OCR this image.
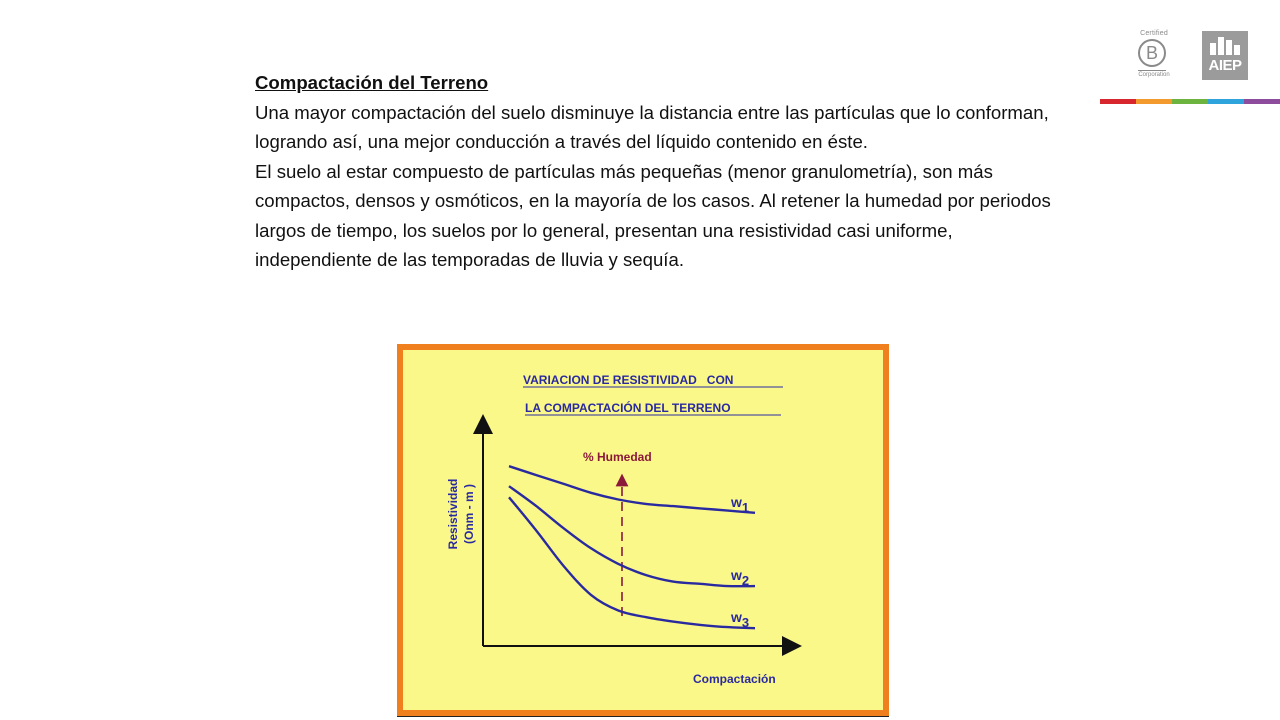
Certified
B
Corporation
AIEP

Compactación del Terreno

Una mayor compactación del suelo disminuye la distancia entre las partículas que lo conforman, logrando así, una mejor conducción a través del líquido contenido en éste.

El suelo al estar compuesto de partículas más pequeñas (menor granulometría), son más compactos, densos y osmóticos, en la mayoría de los casos. Al retener la humedad por periodos largos de tiempo, los suelos por lo general, presentan una resistividad casi uniforme, independiente de las temporadas de lluvia y sequía.

VARIACION DE RESISTIVIDAD   CON
LA COMPACTACIÓN DEL TERRENO
Resistividad (Onm - m )
Compactación
% Humedad
w1
w2
w3
